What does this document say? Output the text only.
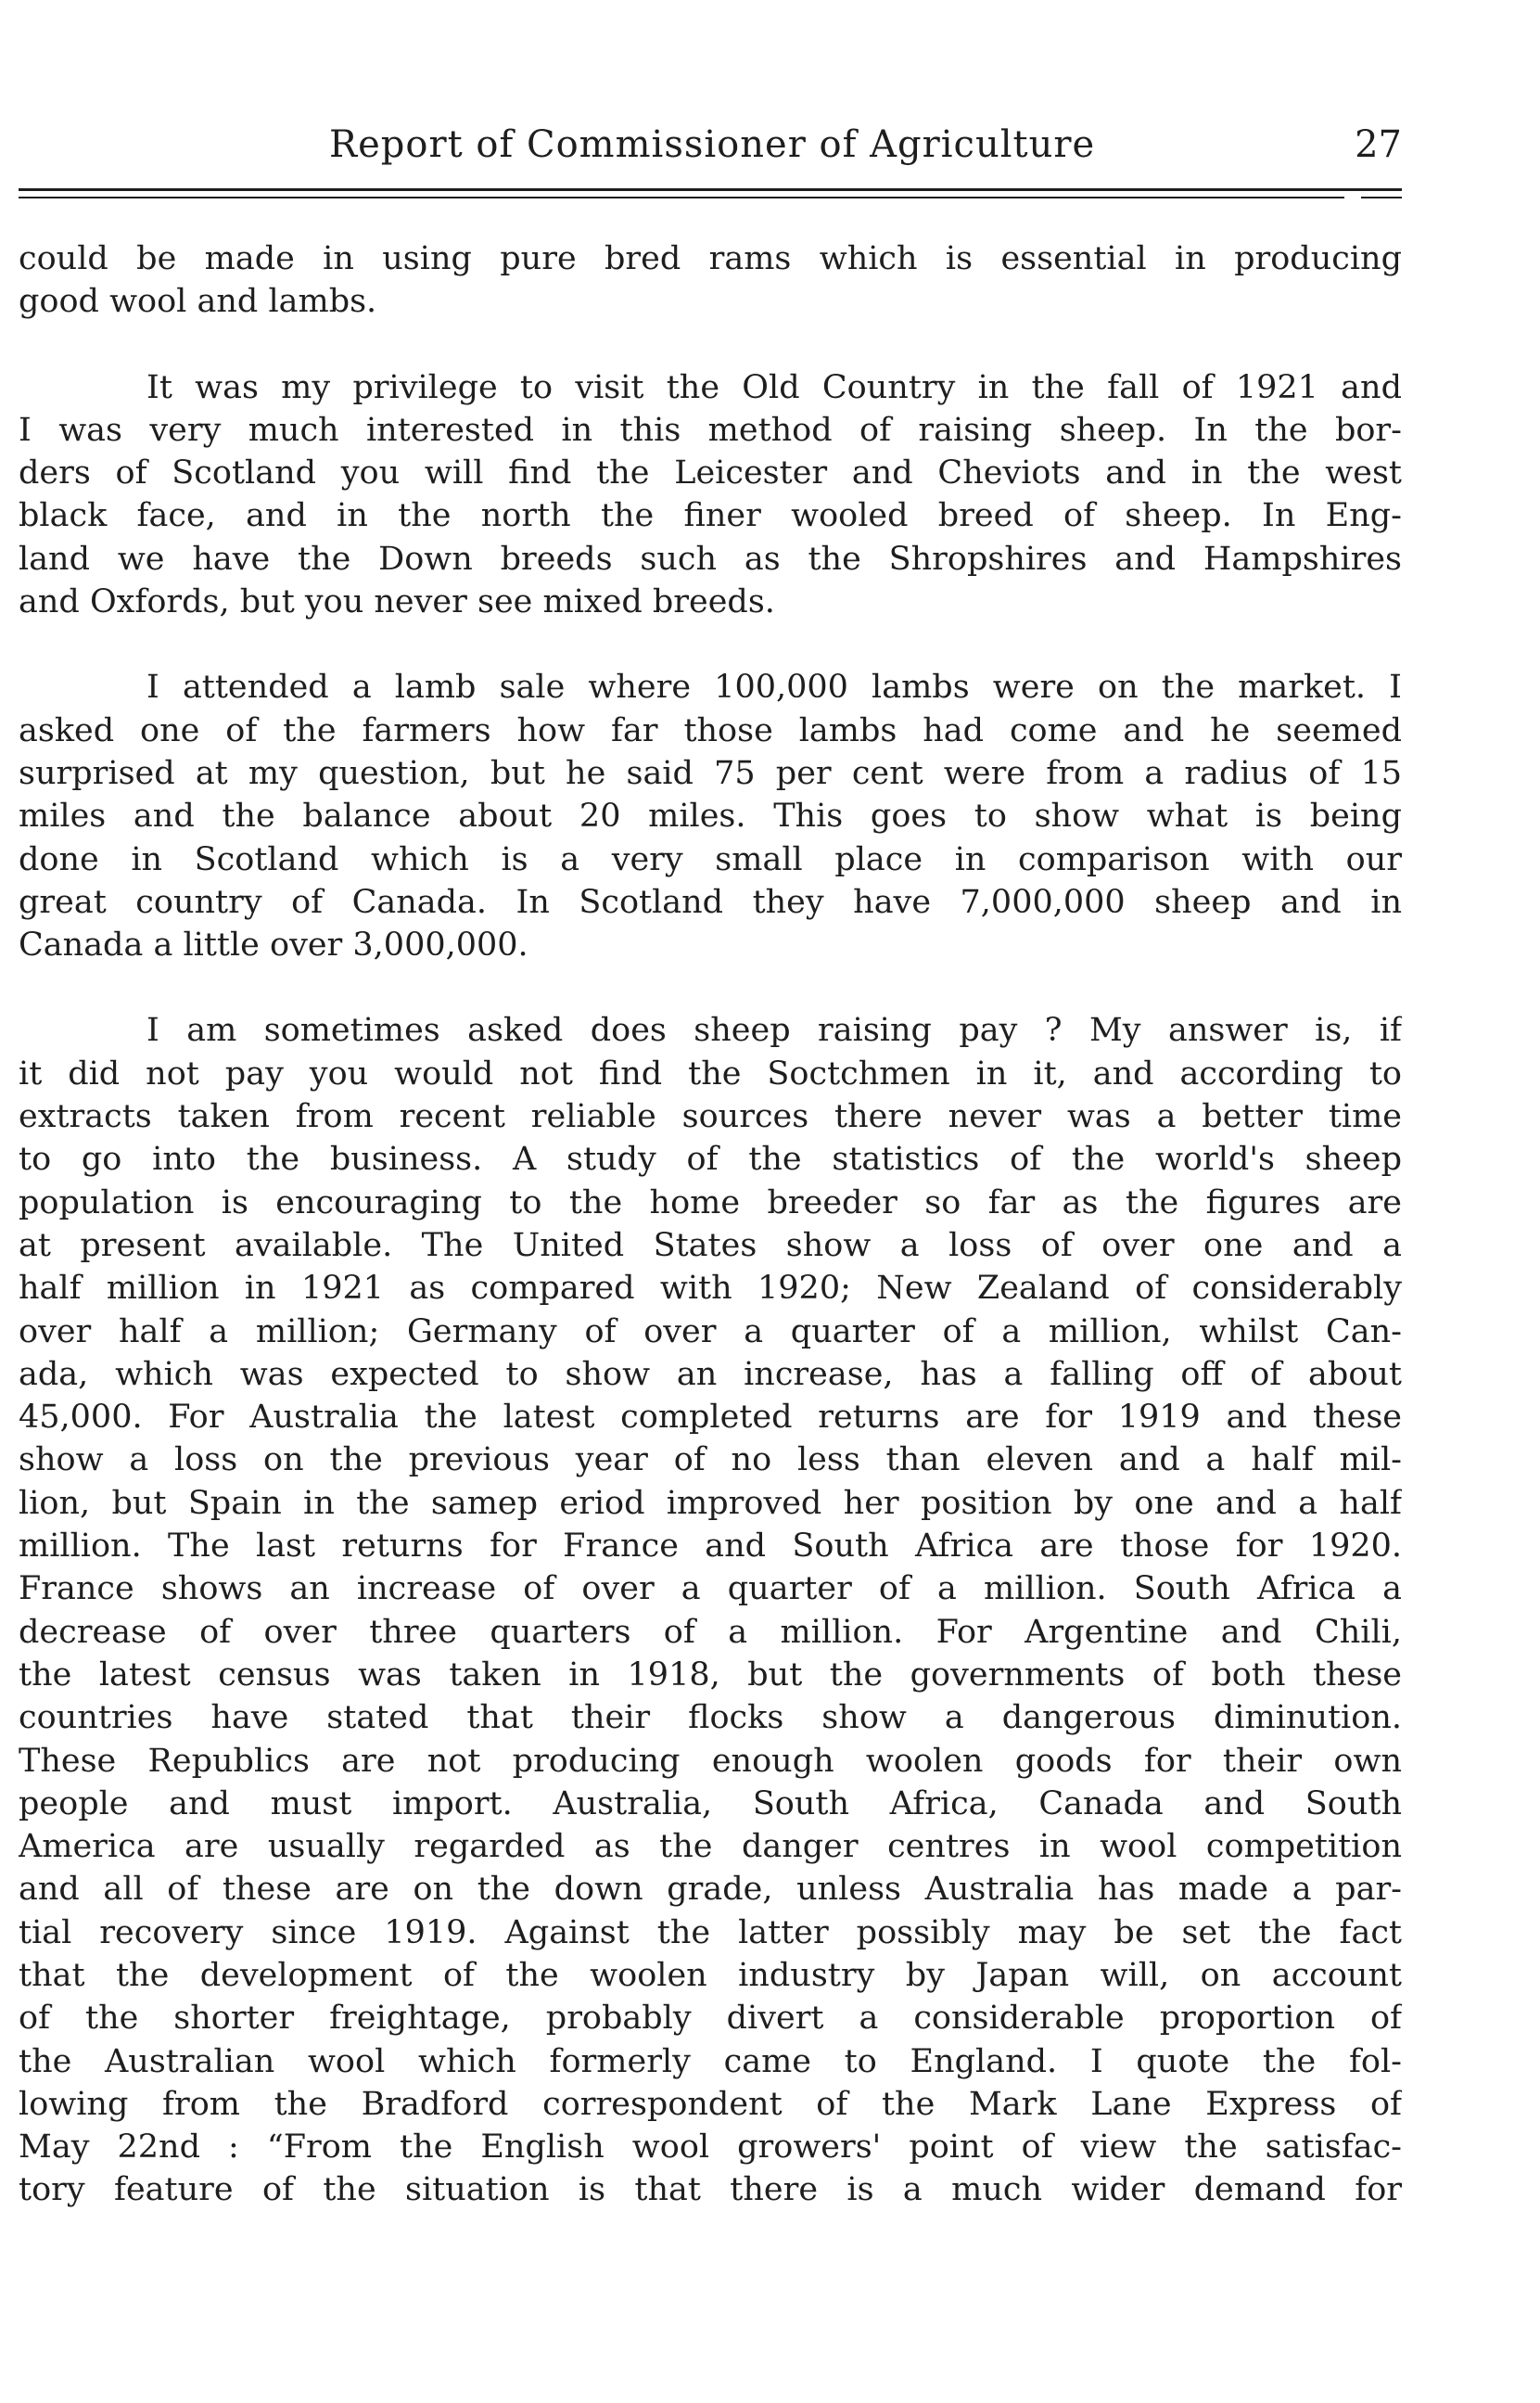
Report of Commissioner of Agriculture	27
could be made in using pure bred rams which is essential in producing
good wool and lambs.
It was my privilege to visit the Old Country in the fall of 1921 and
I was very much interested in this method of raising sheep. In the bor-
ders of Scotland you will find the Leicester and Cheviots and in the west
black face, and in the north the finer wooled breed of sheep. In Eng-
land we have the Down breeds such as the Shropshires and Hampshires
and Oxfords, but you never see mixed breeds.
I attended a lamb sale where 100,000 lambs were on the market. I
asked one of the farmers how far those lambs had come and he seemed
surprised at my question, but he said 75 per cent were from a radius of 15
miles and the balance about 20 miles. This goes to show what is being
done in Scotland which is a very small place in comparison with our
great country of Canada. In Scotland they have 7,000,000 sheep and in
Canada a little over 3,000,000.
I am sometimes asked does sheep raising pay ? My answer is, if
it did not pay you would not find the Soctchmen in it, and according to
extracts taken from recent reliable sources there never was a better time
to go into the business. A study of the statistics of the world's sheep
population is encouraging to the home breeder so far as the figures are
at present available. The United States show a loss of over one and a
half million in 1921 as compared with 1920; New Zealand of considerably
over half a million; Germany of over a quarter of a million, whilst Can-
ada, which was expected to show an increase, has a falling off of about
45,000. For Australia the latest completed returns are for 1919 and these
show a loss on the previous year of no less than eleven and a half mil-
lion, but Spain in the samep eriod improved her position by one and a half
million. The last returns for France and South Africa are those for 1920.
France shows an increase of over a quarter of a million. South Africa a
decrease of over three quarters of a million. For Argentine and Chili,
the latest census was taken in 1918, but the governments of both these
countries have stated that their flocks show a dangerous diminution.
These Republics are not producing enough woolen goods for their own
people and must import. Australia, South Africa, Canada and South
America are usually regarded as the danger centres in wool competition
and all of these are on the down grade, unless Australia has made a par-
tial recovery since 1919. Against the latter possibly may be set the fact
that the development of the woolen industry by Japan will, on account
of the shorter freightage, probably divert a considerable proportion of
the Australian wool which formerly came to England. I quote the fol-
lowing from the Bradford correspondent of the Mark Lane Express of
May 22nd : “From the English wool growers' point of view the satisfac-
tory feature of the situation is that there is a much wider demand for
